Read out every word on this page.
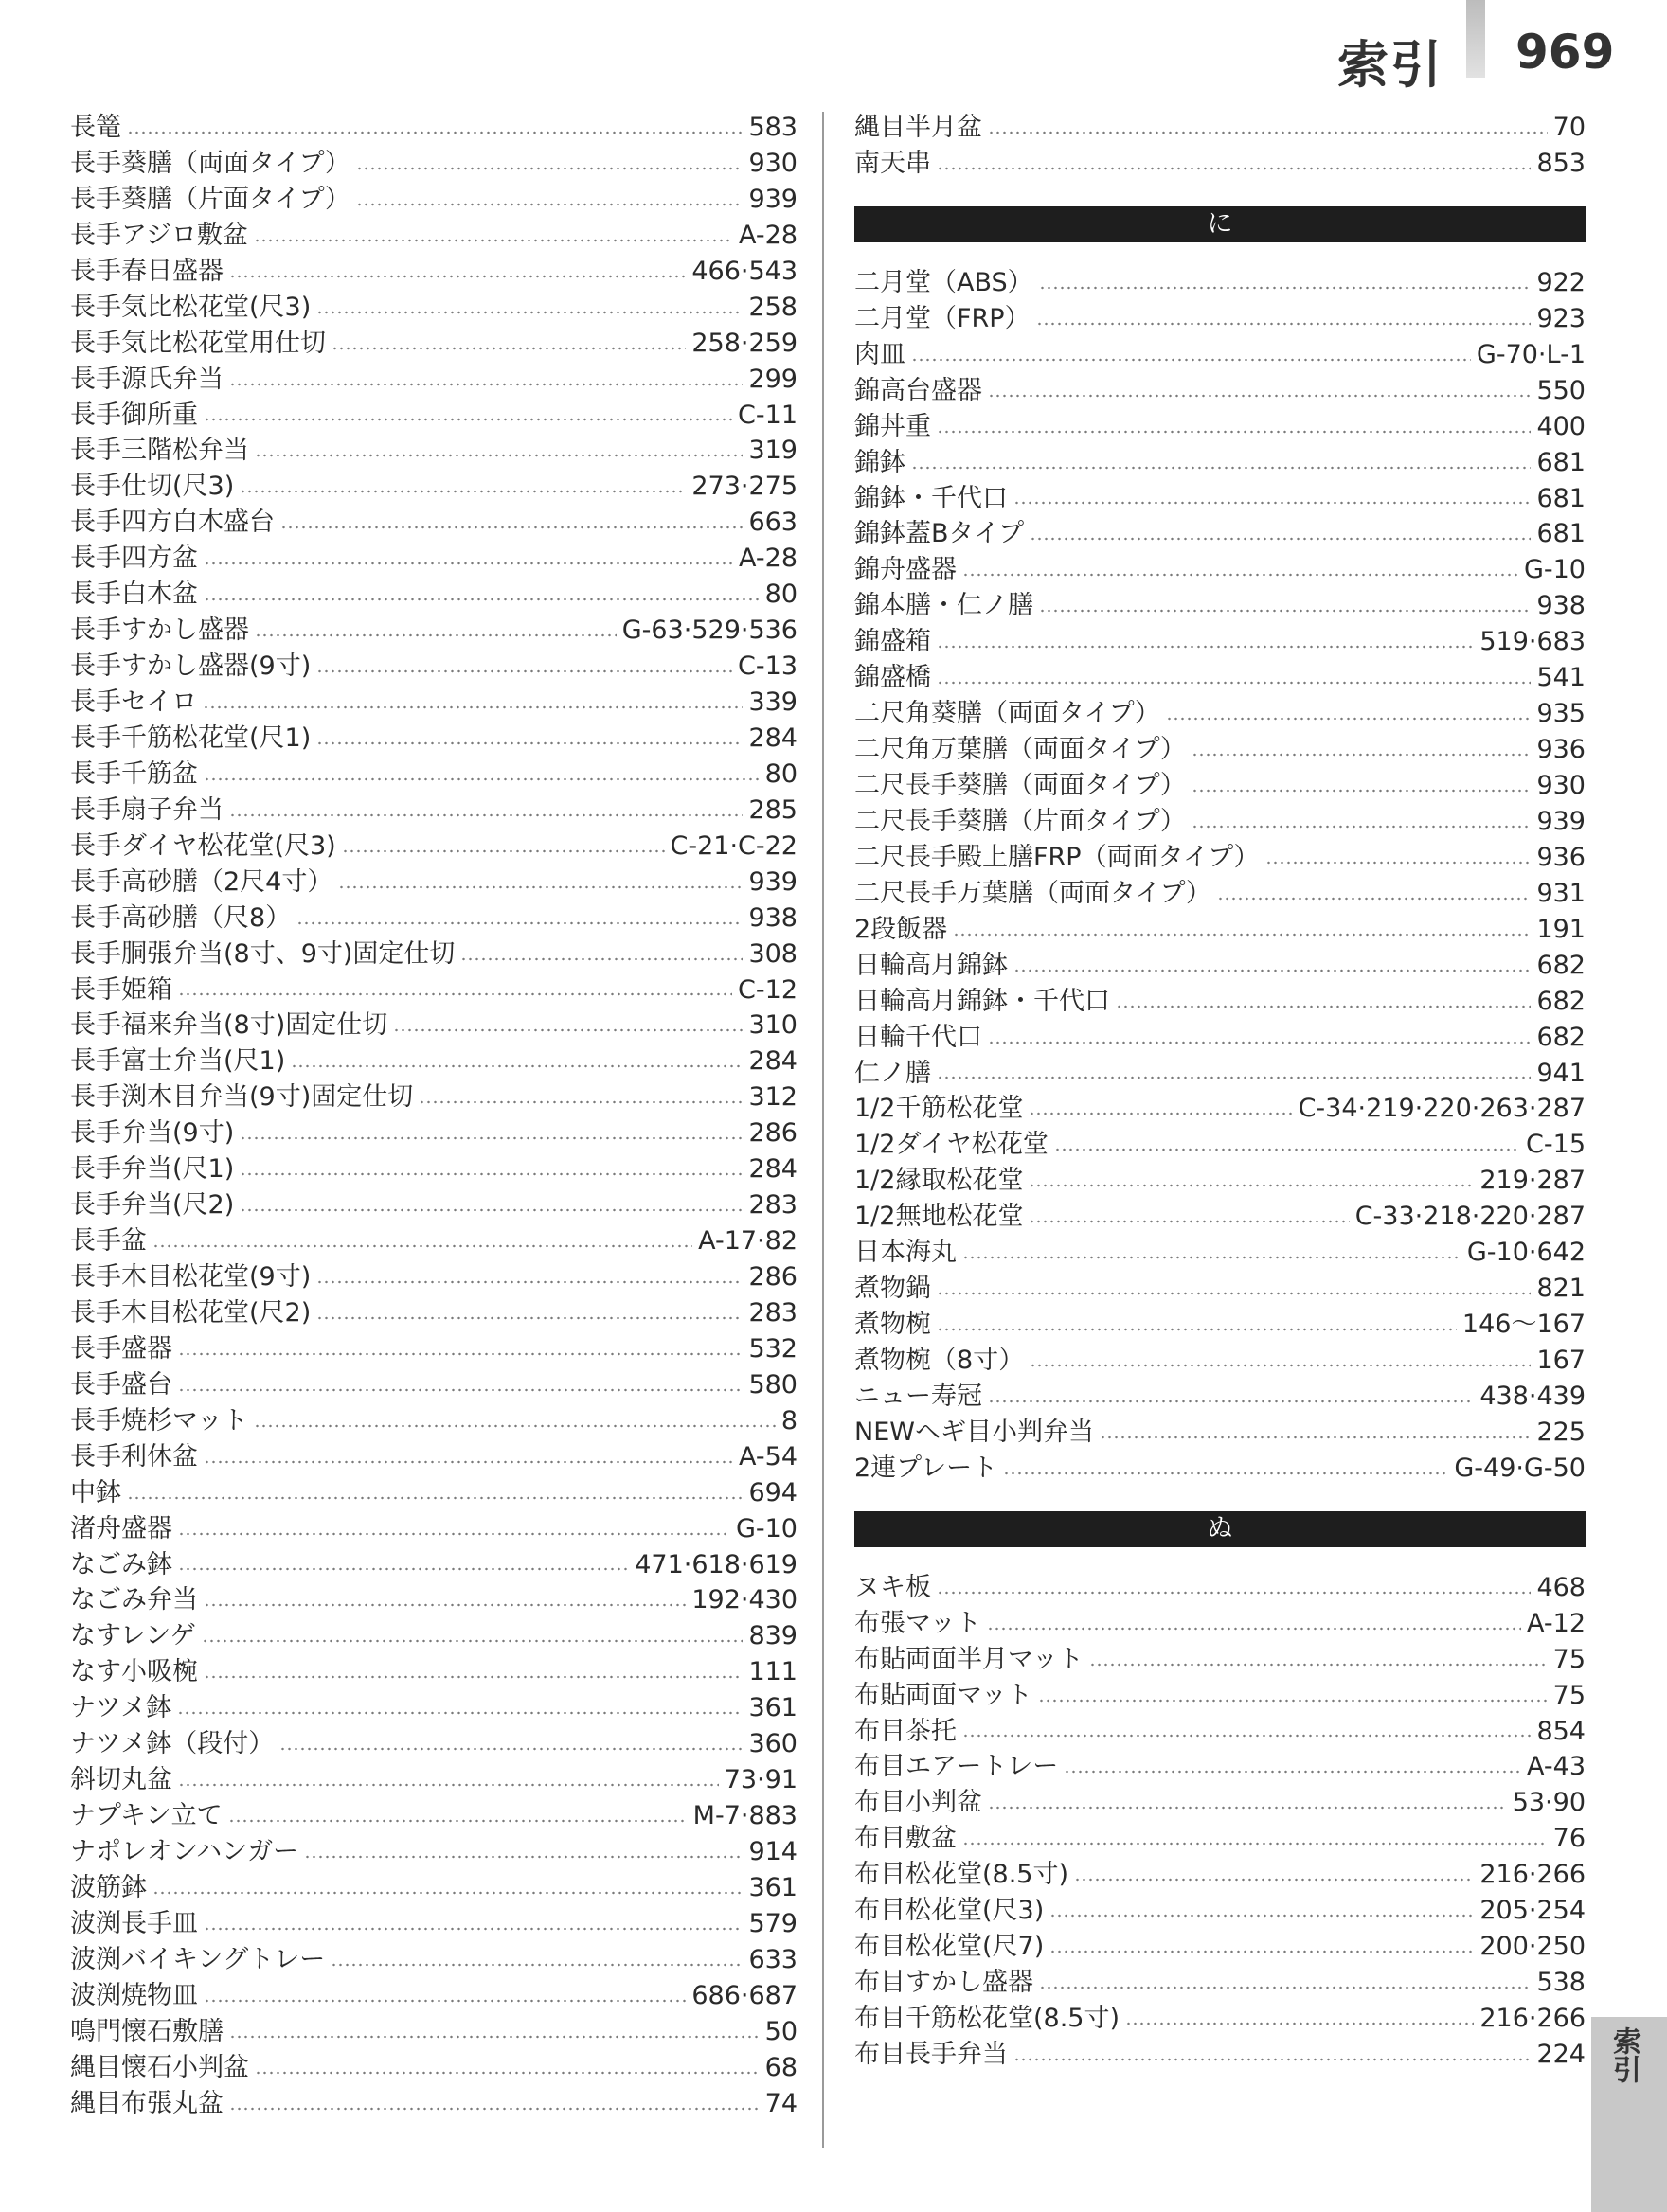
索引 969
長篭	583
長手葵膳（両面タイプ）	930
長手葵膳（片面タイプ）	939
長手アジロ敷盆	A-28
長手春日盛器	466·543
長手気比松花堂(尺3)	258
長手気比松花堂用仕切	258·259
長手源氏弁当	299
長手御所重	C-11
長手三階松弁当	319
長手仕切(尺3)	273·275
長手四方白木盛台	663
長手四方盆	A-28
長手白木盆	80
長手すかし盛器	G-63·529·536
長手すかし盛器(9寸)	C-13
長手セイロ	339
長手千筋松花堂(尺1)	284
長手千筋盆	80
長手扇子弁当	285
長手ダイヤ松花堂(尺3)	C-21·C-22
長手高砂膳（2尺4寸）	939
長手高砂膳（尺8）	938
長手胴張弁当(8寸、9寸)固定仕切	308
長手姫箱	C-12
長手福来弁当(8寸)固定仕切	310
長手富士弁当(尺1)	284
長手渕木目弁当(9寸)固定仕切	312
長手弁当(9寸)	286
長手弁当(尺1)	284
長手弁当(尺2)	283
長手盆	A-17·82
長手木目松花堂(9寸)	286
長手木目松花堂(尺2)	283
長手盛器	532
長手盛台	580
長手焼杉マット	8
長手利休盆	A-54
中鉢	694
渚舟盛器	G-10
なごみ鉢	471·618·619
なごみ弁当	192·430
なすレンゲ	839
なす小吸椀	111
ナツメ鉢	361
ナツメ鉢（段付）	360
斜切丸盆	73·91
ナプキン立て	M-7·883
ナポレオンハンガー	914
波筋鉢	361
波渕長手皿	579
波渕バイキングトレー	633
波渕焼物皿	686·687
鳴門懐石敷膳	50
縄目懐石小判盆	68
縄目布張丸盆	74
縄目半月盆	70
南天串	853
に
二月堂（ABS）	922
二月堂（FRP）	923
肉皿	G-70·L-1
錦高台盛器	550
錦丼重	400
錦鉢	681
錦鉢・千代口	681
錦鉢蓋Bタイプ	681
錦舟盛器	G-10
錦本膳・仁ノ膳	938
錦盛箱	519·683
錦盛橋	541
二尺角葵膳（両面タイプ）	935
二尺角万葉膳（両面タイプ）	936
二尺長手葵膳（両面タイプ）	930
二尺長手葵膳（片面タイプ）	939
二尺長手殿上膳FRP（両面タイプ）	936
二尺長手万葉膳（両面タイプ）	931
2段飯器	191
日輪高月錦鉢	682
日輪高月錦鉢・千代口	682
日輪千代口	682
仁ノ膳	941
1/2千筋松花堂	C-34·219·220·263·287
1/2ダイヤ松花堂	C-15
1/2縁取松花堂	219·287
1/2無地松花堂	C-33·218·220·287
日本海丸	G-10·642
煮物鍋	821
煮物椀	146～167
煮物椀（8寸）	167
ニュー寿冠	438·439
NEWヘギ目小判弁当	225
2連プレート	G-49·G-50
ぬ
ヌキ板	468
布張マット	A-12
布貼両面半月マット	75
布貼両面マット	75
布目茶托	854
布目エアートレー	A-43
布目小判盆	53·90
布目敷盆	76
布目松花堂(8.5寸)	216·266
布目松花堂(尺3)	205·254
布目松花堂(尺7)	200·250
布目すかし盛器	538
布目千筋松花堂(8.5寸)	216·266
布目長手弁当	224 索引
